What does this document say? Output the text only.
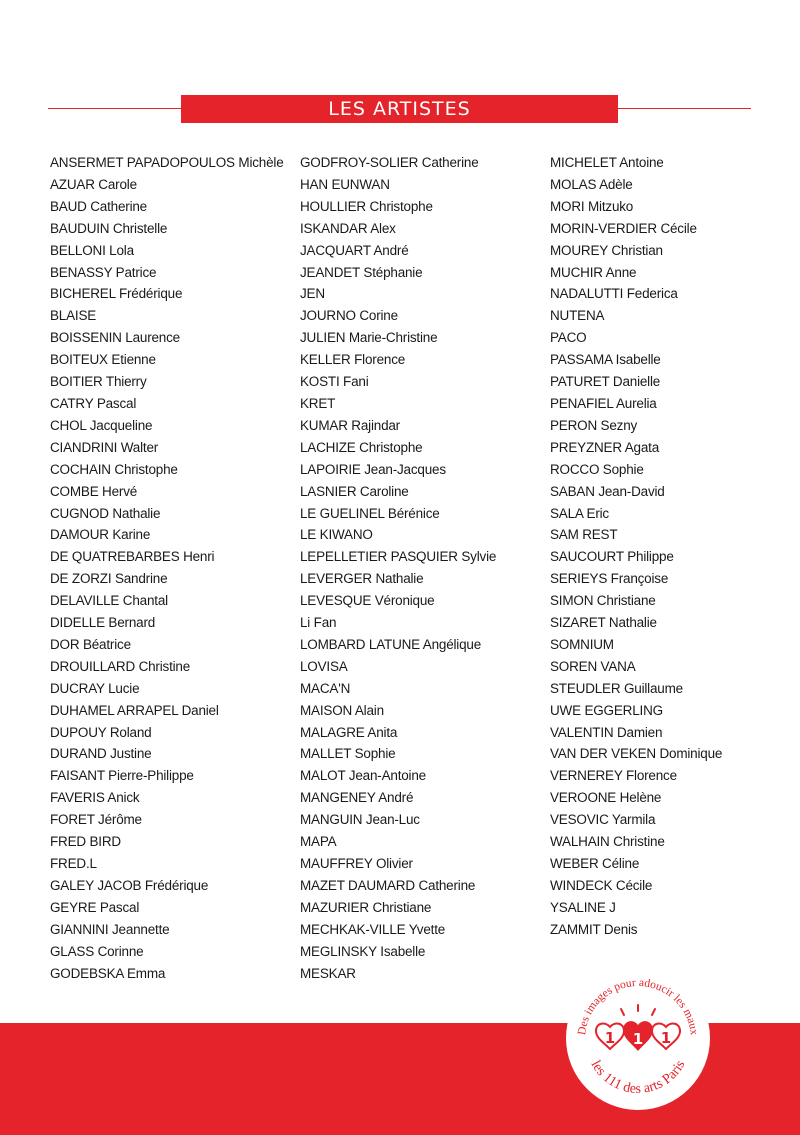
LES ARTISTES
ANSERMET PAPADOPOULOS Michèle
AZUAR Carole
BAUD Catherine
BAUDUIN Christelle
BELLONI Lola
BENASSY Patrice
BICHEREL Frédérique
BLAISE
BOISSENIN Laurence
BOITEUX Etienne
BOITIER Thierry
CATRY Pascal
CHOL Jacqueline
CIANDRINI Walter
COCHAIN Christophe
COMBE Hervé
CUGNOD Nathalie
DAMOUR Karine
DE QUATREBARBES Henri
DE ZORZI Sandrine
DELAVILLE Chantal
DIDELLE Bernard
DOR Béatrice
DROUILLARD Christine
DUCRAY Lucie
DUHAMEL ARRAPEL Daniel
DUPOUY Roland
DURAND Justine
FAISANT Pierre-Philippe
FAVERIS Anick
FORET Jérôme
FRED BIRD
FRED.L
GALEY JACOB Frédérique
GEYRE Pascal
GIANNINI Jeannette
GLASS Corinne
GODEBSKA Emma
GODFROY-SOLIER Catherine
HAN EUNWAN
HOULLIER Christophe
ISKANDAR Alex
JACQUART André
JEANDET Stéphanie
JEN
JOURNO Corine
JULIEN Marie-Christine
KELLER Florence
KOSTI Fani
KRET
KUMAR Rajindar
LACHIZE Christophe
LAPOIRIE Jean-Jacques
LASNIER Caroline
LE GUELINEL Bérénice
LE KIWANO
LEPELLETIER PASQUIER Sylvie
LEVERGER Nathalie
LEVESQUE Véronique
Li Fan
LOMBARD LATUNE Angélique
LOVISA
MACA'N
MAISON Alain
MALAGRE Anita
MALLET Sophie
MALOT Jean-Antoine
MANGENEY André
MANGUIN Jean-Luc
MAPA
MAUFFREY Olivier
MAZET DAUMARD Catherine
MAZURIER Christiane
MECHKAK-VILLE Yvette
MEGLINSKY Isabelle
MESKAR
MICHELET Antoine
MOLAS Adèle
MORI Mitzuko
MORIN-VERDIER Cécile
MOUREY Christian
MUCHIR Anne
NADALUTTI Federica
NUTENA
PACO
PASSAMA Isabelle
PATURET Danielle
PENAFIEL Aurelia
PERON Sezny
PREYZNER Agata
ROCCO Sophie
SABAN Jean-David
SALA Eric
SAM REST
SAUCOURT Philippe
SERIEYS Françoise
SIMON Christiane
SIZARET Nathalie
SOMNIUM
SOREN VANA
STEUDLER Guillaume
UWE EGGERLING
VALENTIN Damien
VAN DER VEKEN Dominique
VERNEREY Florence
VEROONE Helène
VESOVIC Yarmila
WALHAIN Christine
WEBER Céline
WINDECK Cécile
YSALINE J
ZAMMIT Denis
Des images pour adoucir les maux
les 111 des arts Paris
1 1 1
